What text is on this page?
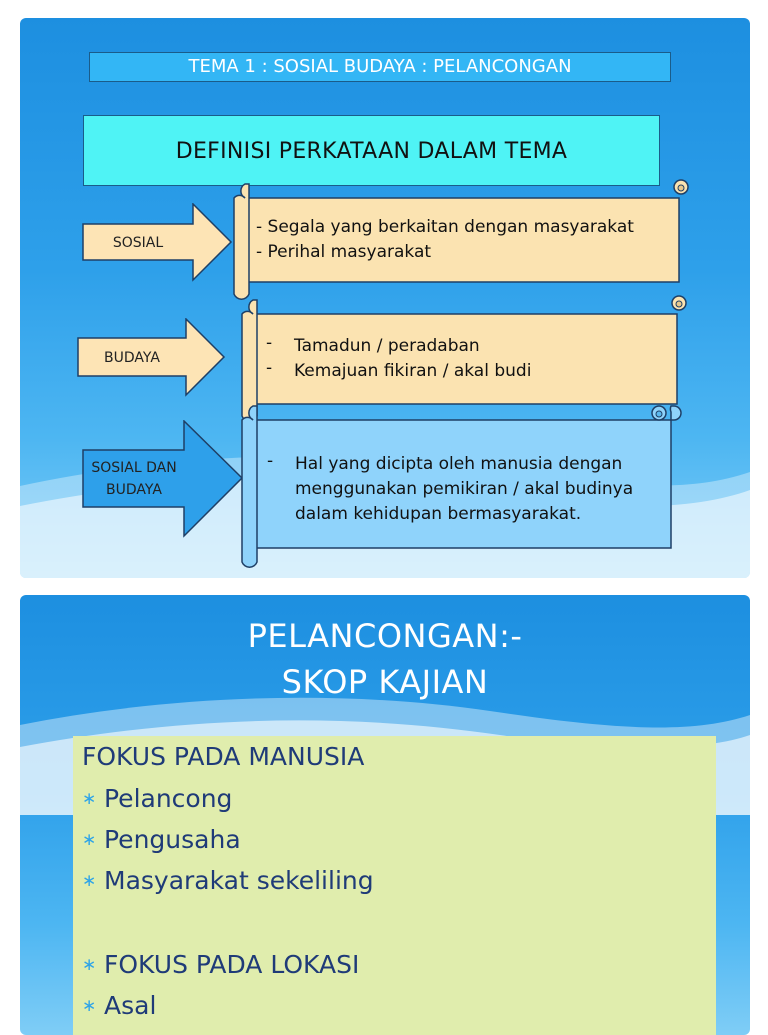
TEMA 1 : SOSIAL BUDAYA : PELANCONGAN
DEFINISI PERKATAAN DALAM TEMA
SOSIAL
- Segala yang berkaitan dengan masyarakat
- Perihal masyarakat
BUDAYA
- Tamadun / peradaban
- Kemajuan fikiran / akal budi
SOSIAL DAN
BUDAYA
- Hal yang dicipta oleh manusia dengan
menggunakan pemikiran / akal budinya
dalam kehidupan bermasyarakat.
PELANCONGAN:-
SKOP KAJIAN
FOKUS PADA MANUSIA
∗ Pelancong
∗ Pengusaha
∗ Masyarakat sekeliling
∗ FOKUS PADA LOKASI
∗ Asal
